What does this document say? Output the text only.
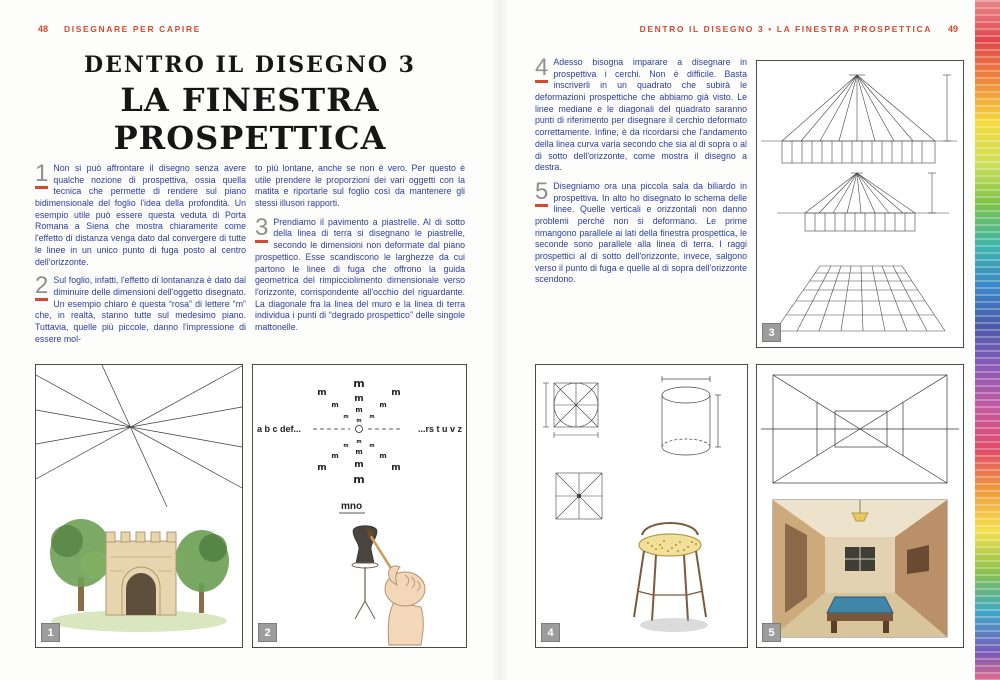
48 DISEGNARE PER CAPIRE	DENTRO IL DISEGNO 3 • LA FINESTRA PROSPETTICA 49
DENTRO IL DISEGNO 3
LA FINESTRA PROSPETTICA

1 Non si può affrontare il disegno senza avere qualche nozione di prospettiva, ossia quella tecnica che permette di rendere sul piano bidimensionale del foglio l'idea della profondità. Un esempio utile può essere questa veduta di Porta Romana a Siena che mostra chiaramente come l'effetto di distanza venga dato dal convergere di tutte le linee in un unico punto di fuga posto al centro dell'orizzonte.

2 Sul foglio, infatti, l'effetto di lontananza è dato dal diminuire delle dimensioni dell'oggetto disegnato. Un esempio chiaro è questa “rosa” di lettere “m” che, in realtà, stanno tutte sul medesimo piano. Tuttavia, quelle più piccole, danno l'impressione di essere mol-

to più lontane, anche se non è vero. Per questo è utile prendere le proporzioni dei vari oggetti con la matita e riportarle sul foglio così da mantenere gli stessi illusori rapporti.

3 Prendiamo il pavimento a piastrelle. Al di sotto della linea di terra si disegnano le piastrelle, secondo le dimensioni non deformate dal piano prospettico. Esse scandiscono le larghezze da cui partono le linee di fuga che offrono la guida geometrica del rimpicciolimento dimensionale verso l'orizzonte, corrispondente all'occhio del riguardante. La diagonale fra la linea del muro e la linea di terra individua i punti di “degrado prospettico” delle singole mattonelle.

4 Adesso bisogna imparare a disegnare in prospettiva i cerchi. Non è difficile. Basta inscriverli in un quadrato che subirà le deformazioni prospettiche che abbiamo già visto. Le linee mediane e le diagonali del quadrato saranno punti di riferimento per disegnare il cerchio deformato correttamente. Infine, è da ricordarsi che l'andamento della linea curva varia secondo che sia al di sopra o al di sotto dell'orizzonte, come mostra il disegno a destra.

5 Disegniamo ora una piccola sala da biliardo in prospettiva. In alto ho disegnato lo schema delle linee. Quelle verticali e orizzontali non danno problemi perché non si deformano. Le prime rimangono parallele ai lati della finestra prospettica, le seconde sono parallele alla linea di terra. I raggi prospettici al di sotto dell'orizzonte, invece, salgono verso il punto di fuga e quelle al di sopra dell'orizzonte scendono.

1
m
m
m
m
m
m
m
m
m
m
m
m
m
m
m
m
m
m
m
m
a b c def...	...rs t u v z
mno
2
3
4	5
